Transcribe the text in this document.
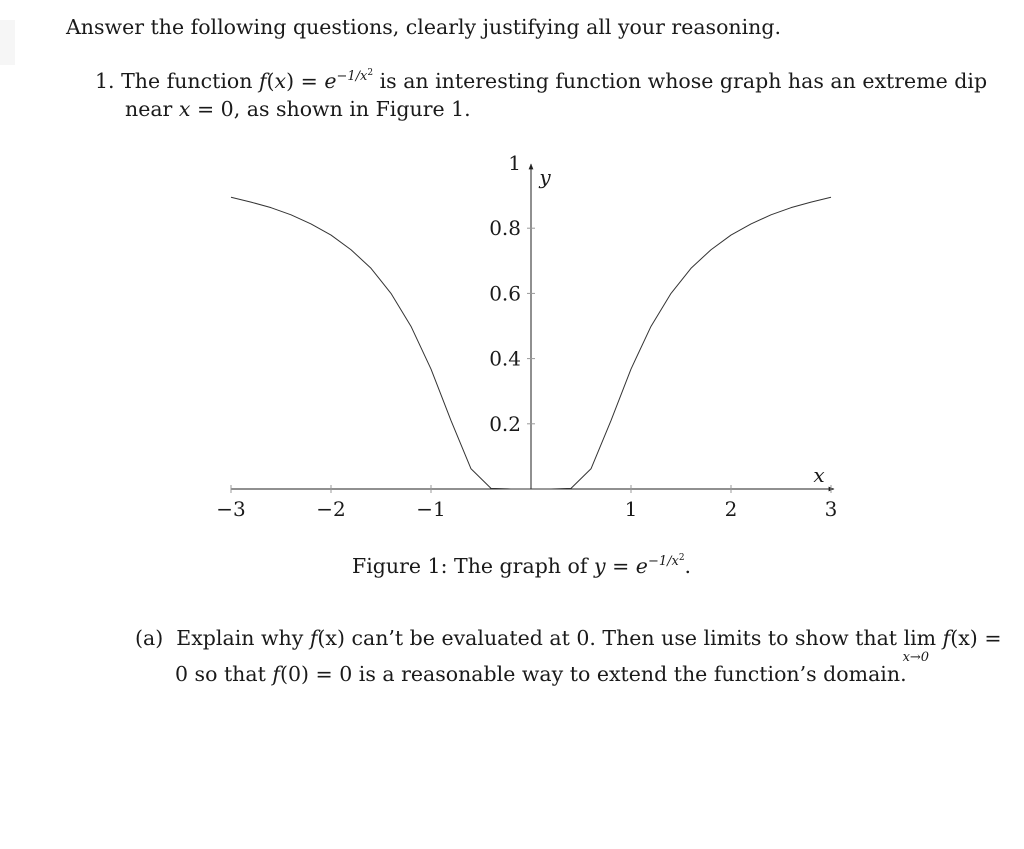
Answer the following questions, clearly justifying all your reasoning.
1. The function $f(x) = e^{-1/x^2}$ is an interesting function whose graph has an extreme dip
near x = 0, as shown in Figure 1.
−3	−2	−1	1	2	3
0.2
0.4
0.6
0.8
1
x
y
Figure 1: The graph of $y = e^{-1/x^2}$.
(a) Explain why f(x) can’t be evaluated at 0. Then use limits to show that lim
x→0
f(x) =
0 so that f(0) = 0 is a reasonable way to extend the function’s domain.
